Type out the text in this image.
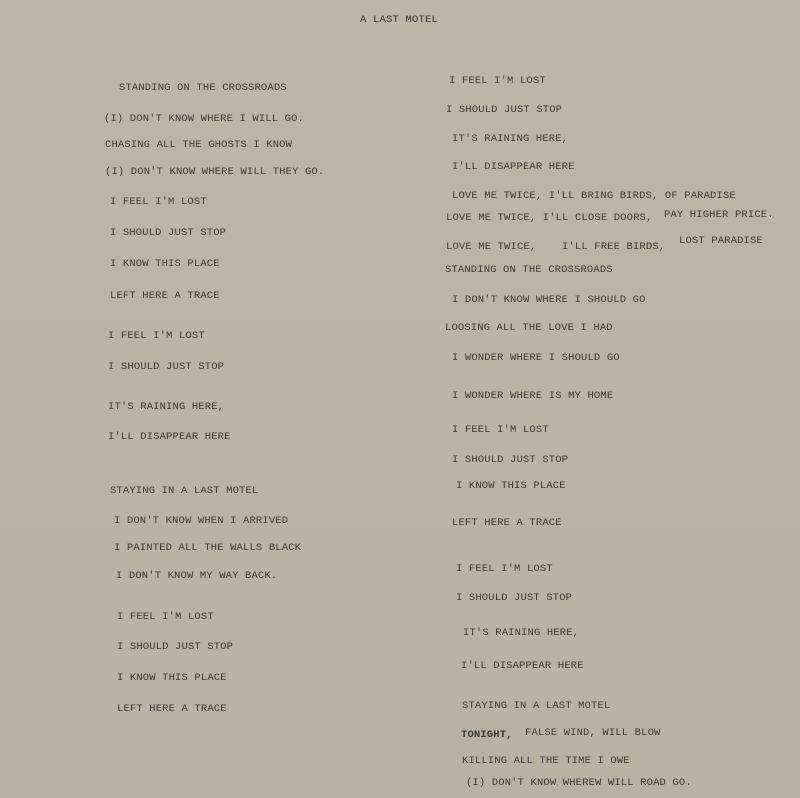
A LAST MOTEL
STANDING ON THE CROSSROADS
(I) DON'T KNOW WHERE I WILL GO.
CHASING ALL THE GHOSTS I KNOW
(I) DON'T KNOW WHERE WILL THEY GO.
I FEEL I'M LOST
I SHOULD JUST STOP
I KNOW THIS PLACE
LEFT HERE A TRACE
I FEEL I'M LOST
I SHOULD JUST STOP
IT'S RAINING HERE,
I'LL DISAPPEAR HERE
STAYING IN A LAST MOTEL
I DON'T KNOW WHEN I ARRIVED
I PAINTED ALL THE WALLS BLACK
I DON'T KNOW MY WAY BACK.
I FEEL I'M LOST
I SHOULD JUST STOP
I KNOW THIS PLACE
LEFT HERE A TRACE
I FEEL I'M LOST
I SHOULD JUST STOP
IT'S RAINING HERE,
I'LL DISAPPEAR HERE
LOVE ME TWICE, I'LL BRING BIRDS, OF PARADISE
LOVE ME TWICE, I'LL CLOSE DOORS, PAY HIGHER PRICE.
LOVE ME TWICE, I'LL FREE BIRDS, LOST PARADISE
STANDING ON THE CROSSROADS
I DON'T KNOW WHERE I SHOULD GO
LOOSING ALL THE LOVE I HAD
I WONDER WHERE I SHOULD GO
I WONDER WHERE IS MY HOME
I FEEL I'M LOST
I SHOULD JUST STOP
I KNOW THIS PLACE
LEFT HERE A TRACE
I FEEL I'M LOST
I SHOULD JUST STOP
IT'S RAINING HERE,
I'LL DISAPPEAR HERE
STAYING IN A LAST MOTEL
TONIGHT, FALSE WIND, WILL BLOW
KILLING ALL THE TIME I OWE
(I) DON'T KNOW WHEREW WILL ROAD GO.
